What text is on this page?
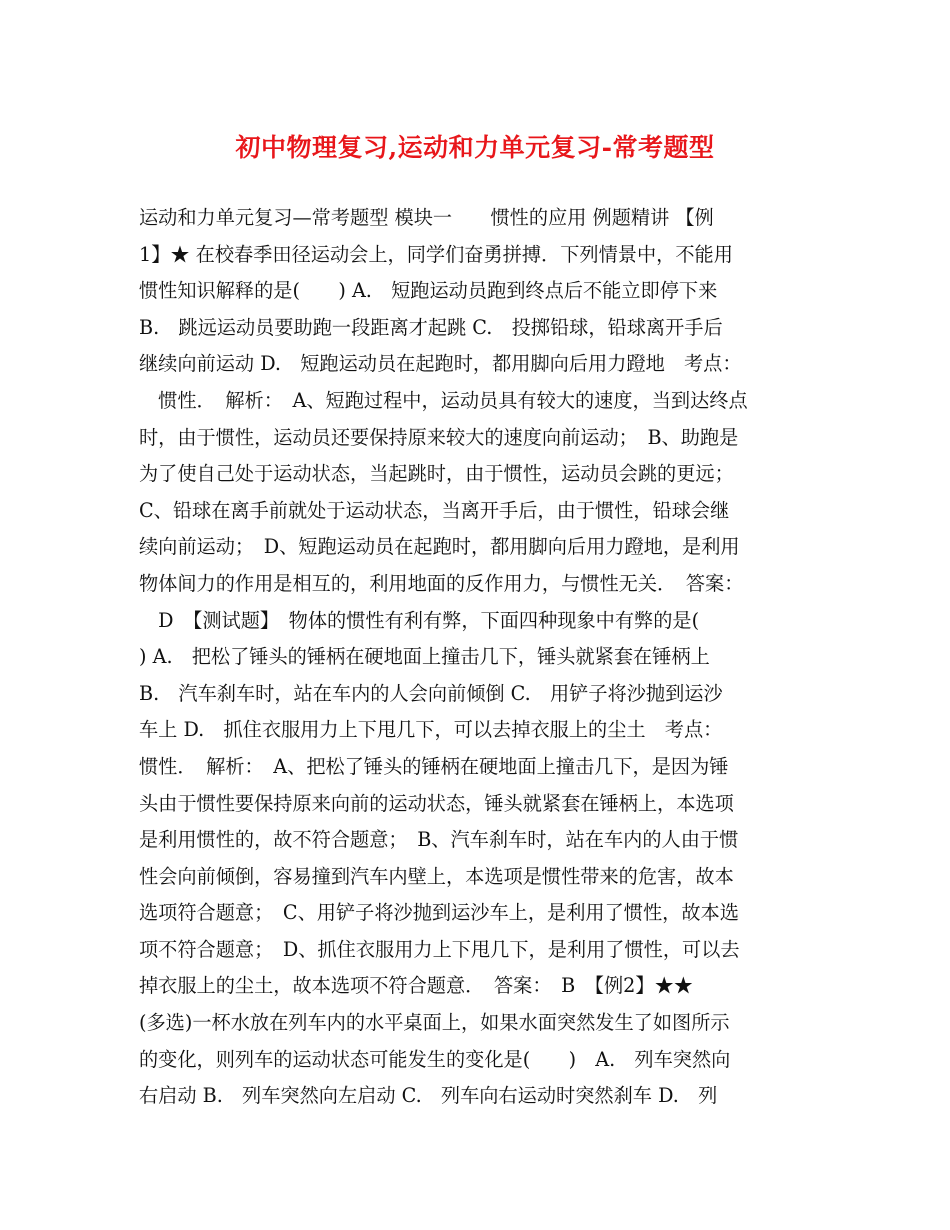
初中物理复习,运动和力单元复习-常考题型
运动和力单元复习—常考题型 模块一　　惯性的应用 例题精讲 【例
1】★ 在校春季田径运动会上，同学们奋勇拼搏．下列情景中，不能用
惯性知识解释的是(　　) A.　短跑运动员跑到终点后不能立即停下来
B.　跳远运动员要助跑一段距离才起跳 C.　投掷铅球，铅球离开手后
继续向前运动 D.　短跑运动员在起跑时，都用脚向后用力蹬地　考点：
　惯性．　解析：　A、短跑过程中，运动员具有较大的速度，当到达终点
时，由于惯性，运动员还要保持原来较大的速度向前运动；　B、助跑是
为了使自己处于运动状态，当起跳时，由于惯性，运动员会跳的更远；
C、铅球在离手前就处于运动状态，当离开手后，由于惯性，铅球会继
续向前运动；　D、短跑运动员在起跑时，都用脚向后用力蹬地，是利用
物体间力的作用是相互的，利用地面的反作用力，与惯性无关．　答案：
　D　【测试题】　物体的惯性有利有弊，下面四种现象中有弊的是(
) A.　把松了锤头的锤柄在硬地面上撞击几下，锤头就紧套在锤柄上
B.　汽车刹车时，站在车内的人会向前倾倒 C.　用铲子将沙抛到运沙
车上 D.　抓住衣服用力上下甩几下，可以去掉衣服上的尘土　考点：
惯性．　解析：　A、把松了锤头的锤柄在硬地面上撞击几下，是因为锤
头由于惯性要保持原来向前的运动状态，锤头就紧套在锤柄上，本选项
是利用惯性的，故不符合题意；　B、汽车刹车时，站在车内的人由于惯
性会向前倾倒，容易撞到汽车内壁上，本选项是惯性带来的危害，故本
选项符合题意；　C、用铲子将沙抛到运沙车上，是利用了惯性，故本选
项不符合题意；　D、抓住衣服用力上下甩几下，是利用了惯性，可以去
掉衣服上的尘土，故本选项不符合题意．　答案：　B　【例2】★★
(多选)一杯水放在列车内的水平桌面上，如果水面突然发生了如图所示
的变化，则列车的运动状态可能发生的变化是(　　)　A.　列车突然向
右启动 B.　列车突然向左启动 C.　列车向右运动时突然刹车 D.　列
